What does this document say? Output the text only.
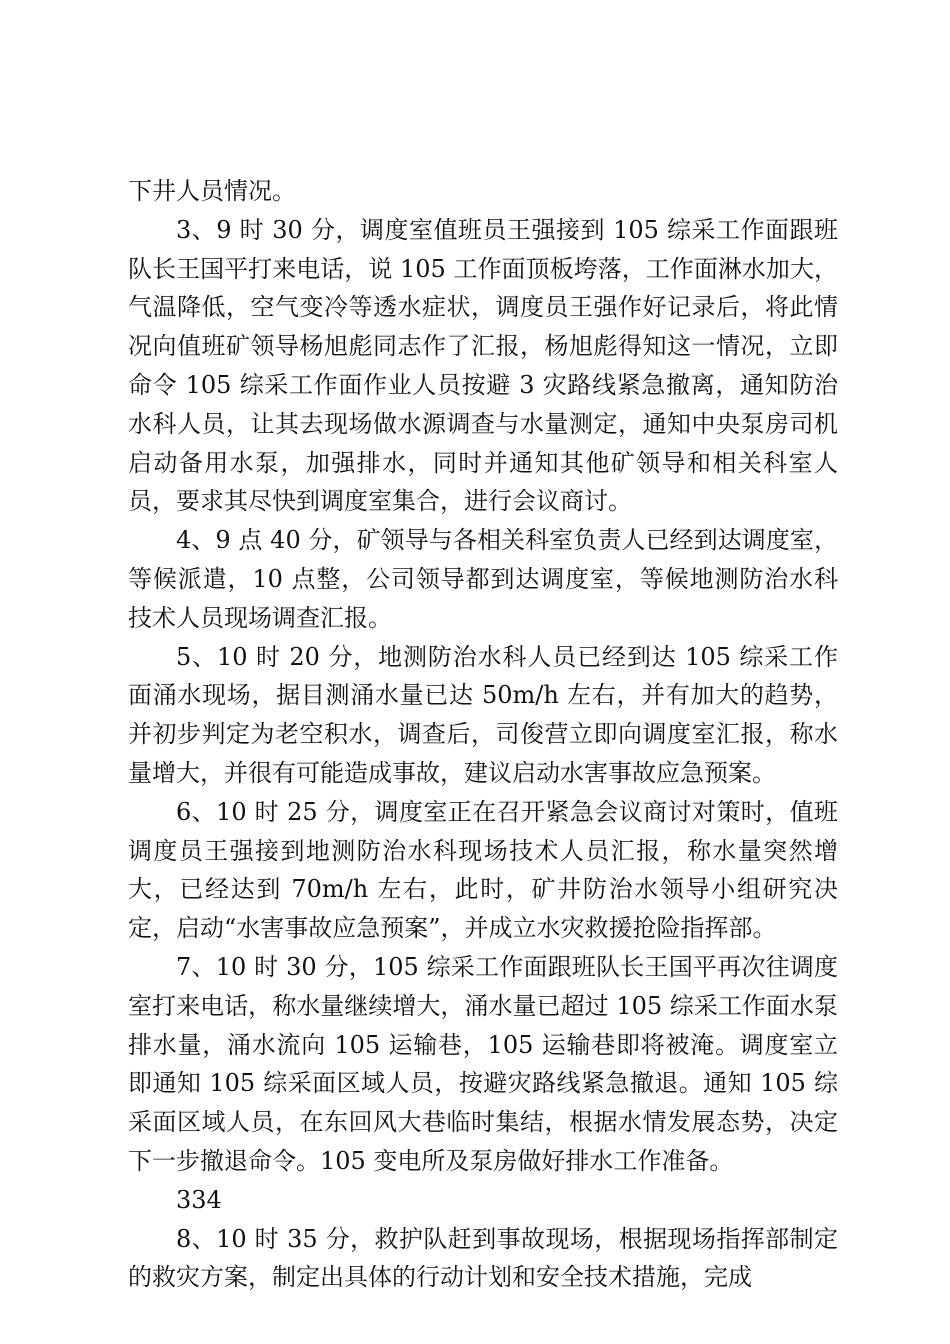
下井人员情况。

3、9 时 30 分，调度室值班员王强接到 105 综采工作面跟班队长王国平打来电话，说 105 工作面顶板垮落，工作面淋水加大，气温降低，空气变冷等透水症状，调度员王强作好记录后，将此情况向值班矿领导杨旭彪同志作了汇报，杨旭彪得知这一情况，立即命令 105 综采工作面作业人员按避 3 灾路线紧急撤离，通知防治水科人员，让其去现场做水源调查与水量测定，通知中央泵房司机启动备用水泵，加强排水，同时并通知其他矿领导和相关科室人员，要求其尽快到调度室集合，进行会议商讨。

4、9 点 40 分，矿领导与各相关科室负责人已经到达调度室，等候派遣，10 点整，公司领导都到达调度室，等候地测防治水科技术人员现场调查汇报。

5、10 时 20 分，地测防治水科人员已经到达 105 综采工作面涌水现场，据目测涌水量已达 50m/h 左右，并有加大的趋势，并初步判定为老空积水，调查后，司俊营立即向调度室汇报，称水量增大，并很有可能造成事故，建议启动水害事故应急预案。

6、10 时 25 分，调度室正在召开紧急会议商讨对策时，值班调度员王强接到地测防治水科现场技术人员汇报，称水量突然增大，已经达到 70m/h 左右，此时，矿井防治水领导小组研究决定，启动“水害事故应急预案”，并成立水灾救援抢险指挥部。

7、10 时 30 分，105 综采工作面跟班队长王国平再次往调度室打来电话，称水量继续增大，涌水量已超过 105 综采工作面水泵排水量，涌水流向 105 运输巷，105 运输巷即将被淹。调度室立即通知 105 综采面区域人员，按避灾路线紧急撤退。通知 105 综采面区域人员，在东回风大巷临时集结，根据水情发展态势，决定下一步撤退命令。105 变电所及泵房做好排水工作准备。

334

8、10 时 35 分，救护队赶到事故现场，根据现场指挥部制定的救灾方案，制定出具体的行动计划和安全技术措施，完成
